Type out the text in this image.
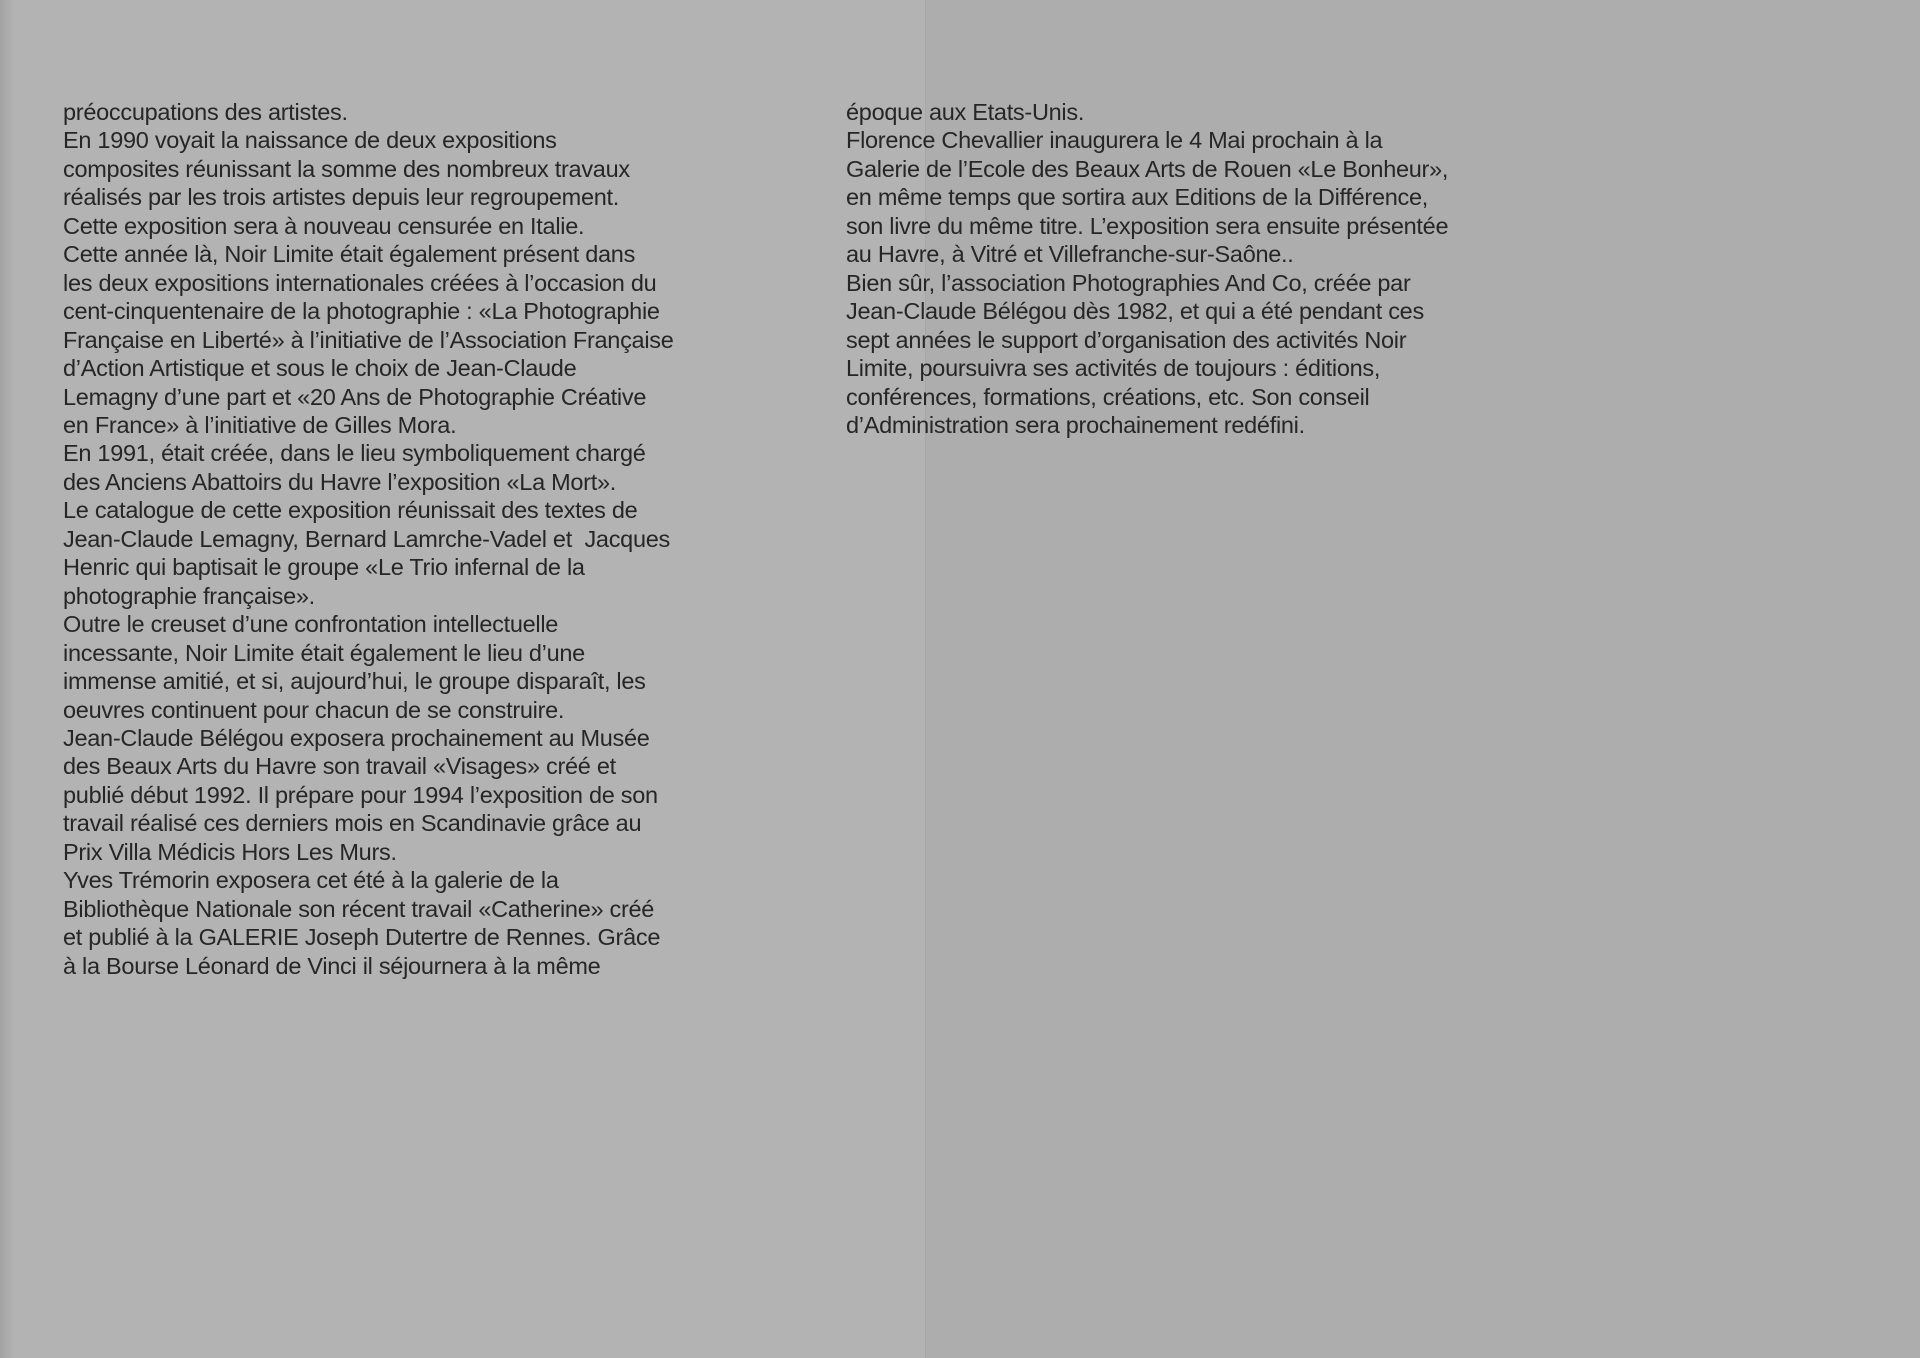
préoccupations des artistes.
En 1990 voyait la naissance de deux expositions
composites réunissant la somme des nombreux travaux
réalisés par les trois artistes depuis leur regroupement.
Cette exposition sera à nouveau censurée en Italie.
Cette année là, Noir Limite était également présent dans
les deux expositions internationales créées à l’occasion du
cent-cinquentenaire de la photographie : «La Photographie
Française en Liberté» à l’initiative de l’Association Française
d’Action Artistique et sous le choix de Jean-Claude
Lemagny d’une part et «20 Ans de Photographie Créative
en France» à l’initiative de Gilles Mora.
En 1991, était créée, dans le lieu symboliquement chargé
des Anciens Abattoirs du Havre l’exposition «La Mort».
Le catalogue de cette exposition réunissait des textes de
Jean-Claude Lemagny, Bernard Lamrche-Vadel et  Jacques
Henric qui baptisait le groupe «Le Trio infernal de la
photographie française».
Outre le creuset d’une confrontation intellectuelle
incessante, Noir Limite était également le lieu d’une
immense amitié, et si, aujourd’hui, le groupe disparaît, les
oeuvres continuent pour chacun de se construire.
Jean-Claude Bélégou exposera prochainement au Musée
des Beaux Arts du Havre son travail «Visages» créé et
publié début 1992. Il prépare pour 1994 l’exposition de son
travail réalisé ces derniers mois en Scandinavie grâce au
Prix Villa Médicis Hors Les Murs.
Yves Trémorin exposera cet été à la galerie de la
Bibliothèque Nationale son récent travail «Catherine» créé
et publié à la GALERIE Joseph Dutertre de Rennes. Grâce
à la Bourse Léonard de Vinci il séjournera à la même
époque aux Etats-Unis.
Florence Chevallier inaugurera le 4 Mai prochain à la
Galerie de l’Ecole des Beaux Arts de Rouen «Le Bonheur»,
en même temps que sortira aux Editions de la Différence,
son livre du même titre. L’exposition sera ensuite présentée
au Havre, à Vitré et Villefranche-sur-Saône..
Bien sûr, l’association Photographies And Co, créée par
Jean-Claude Bélégou dès 1982, et qui a été pendant ces
sept années le support d’organisation des activités Noir
Limite, poursuivra ses activités de toujours : éditions,
conférences, formations, créations, etc. Son conseil
d’Administration sera prochainement redéfini.
